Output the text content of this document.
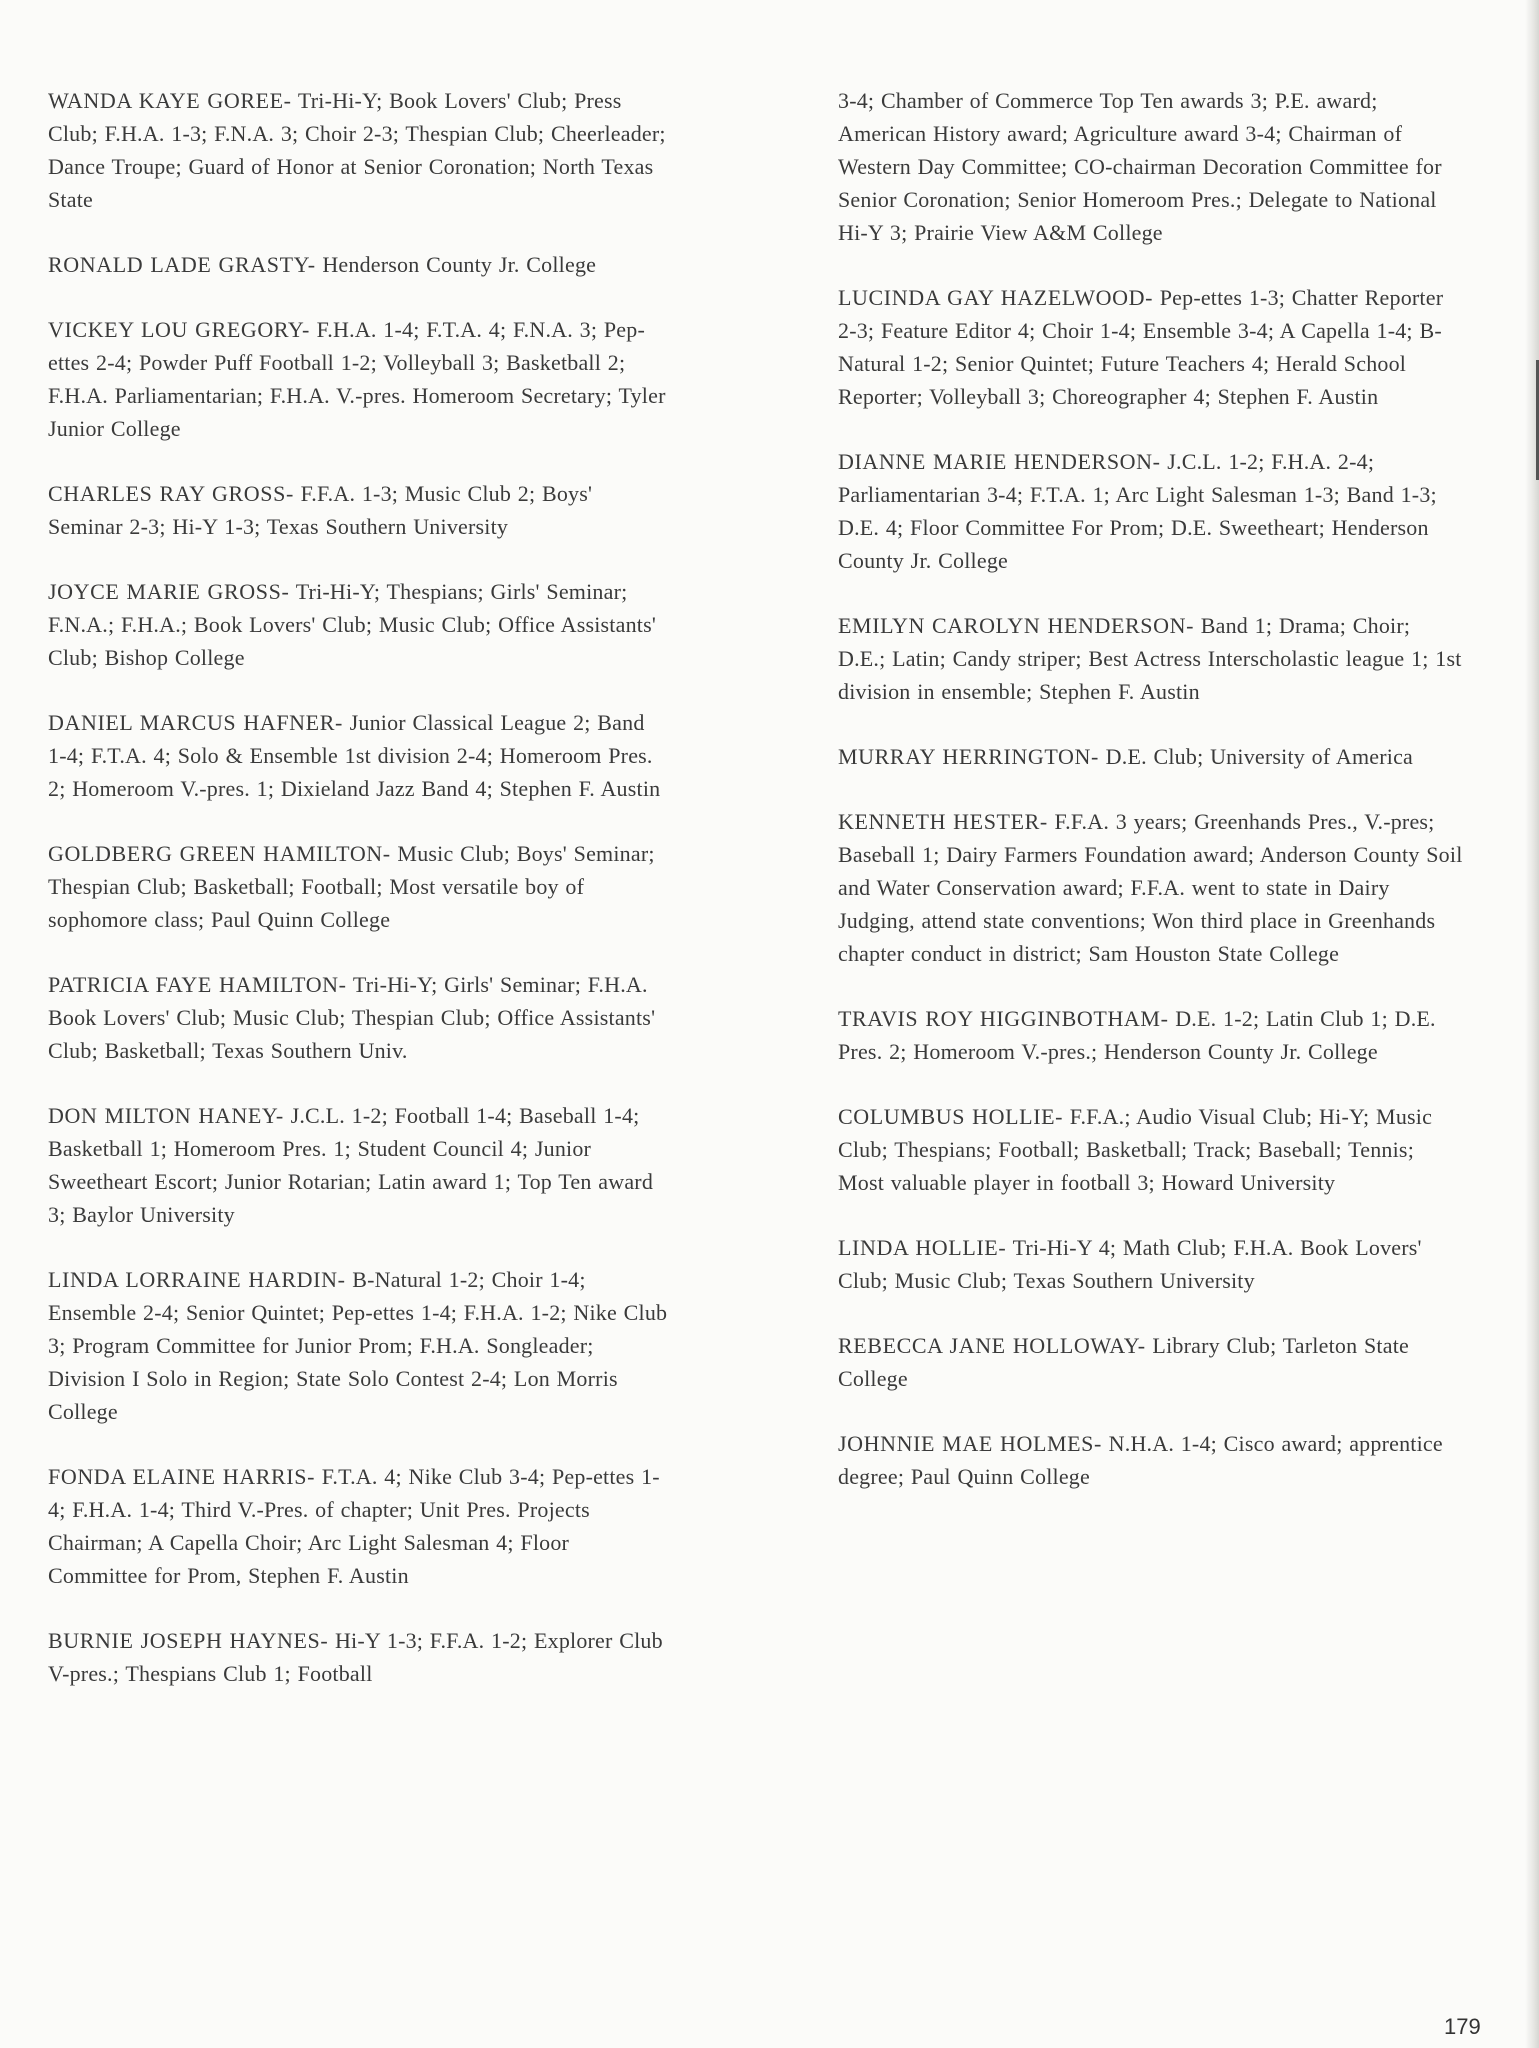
WANDA KAYE GOREE- Tri-Hi-Y; Book Lovers' Club; Press Club; F.H.A. 1-3; F.N.A. 3; Choir 2-3; Thespian Club; Cheerleader; Dance Troupe; Guard of Honor at Senior Coronation; North Texas State

RONALD LADE GRASTY- Henderson County Jr. College

VICKEY LOU GREGORY- F.H.A. 1-4; F.T.A. 4; F.N.A. 3; Pep-ettes 2-4; Powder Puff Football 1-2; Volleyball 3; Basketball 2; F.H.A. Parliamentarian; F.H.A. V.-pres. Homeroom Secretary; Tyler Junior College

CHARLES RAY GROSS- F.F.A. 1-3; Music Club 2; Boys' Seminar 2-3; Hi-Y 1-3; Texas Southern University

JOYCE MARIE GROSS- Tri-Hi-Y; Thespians; Girls' Seminar; F.N.A.; F.H.A.; Book Lovers' Club; Music Club; Office Assistants' Club; Bishop College

DANIEL MARCUS HAFNER- Junior Classical League 2; Band 1-4; F.T.A. 4; Solo & Ensemble 1st division 2-4; Homeroom Pres. 2; Homeroom V.-pres. 1; Dixieland Jazz Band 4; Stephen F. Austin

GOLDBERG GREEN HAMILTON- Music Club; Boys' Seminar; Thespian Club; Basketball; Football; Most versatile boy of sophomore class; Paul Quinn College

PATRICIA FAYE HAMILTON- Tri-Hi-Y; Girls' Seminar; F.H.A. Book Lovers' Club; Music Club; Thespian Club; Office Assistants' Club; Basketball; Texas Southern Univ.

DON MILTON HANEY- J.C.L. 1-2; Football 1-4; Baseball 1-4; Basketball 1; Homeroom Pres. 1; Student Council 4; Junior Sweetheart Escort; Junior Rotarian; Latin award 1; Top Ten award 3; Baylor University

LINDA LORRAINE HARDIN- B-Natural 1-2; Choir 1-4; Ensemble 2-4; Senior Quintet; Pep-ettes 1-4; F.H.A. 1-2; Nike Club 3; Program Committee for Junior Prom; F.H.A. Songleader; Division I Solo in Region; State Solo Contest 2-4; Lon Morris College

FONDA ELAINE HARRIS- F.T.A. 4; Nike Club 3-4; Pep-ettes 1-4; F.H.A. 1-4; Third V.-Pres. of chapter; Unit Pres. Projects Chairman; A Capella Choir; Arc Light Salesman 4; Floor Committee for Prom, Stephen F. Austin

BURNIE JOSEPH HAYNES- Hi-Y 1-3; F.F.A. 1-2; Explorer Club V-pres.; Thespians Club 1; Football

3-4; Chamber of Commerce Top Ten awards 3; P.E. award; American History award; Agriculture award 3-4; Chairman of Western Day Committee; CO-chairman Decoration Committee for Senior Coronation; Senior Homeroom Pres.; Delegate to National Hi-Y 3; Prairie View A&M College

LUCINDA GAY HAZELWOOD- Pep-ettes 1-3; Chatter Reporter 2-3; Feature Editor 4; Choir 1-4; Ensemble 3-4; A Capella 1-4; B-Natural 1-2; Senior Quintet; Future Teachers 4; Herald School Reporter; Volleyball 3; Choreographer 4; Stephen F. Austin

DIANNE MARIE HENDERSON- J.C.L. 1-2; F.H.A. 2-4; Parliamentarian 3-4; F.T.A. 1; Arc Light Salesman 1-3; Band 1-3; D.E. 4; Floor Committee For Prom; D.E. Sweetheart; Henderson County Jr. College

EMILYN CAROLYN HENDERSON- Band 1; Drama; Choir; D.E.; Latin; Candy striper; Best Actress Interscholastic league 1; 1st division in ensemble; Stephen F. Austin

MURRAY HERRINGTON- D.E. Club; University of America

KENNETH HESTER- F.F.A. 3 years; Greenhands Pres., V.-pres; Baseball 1; Dairy Farmers Foundation award; Anderson County Soil and Water Conservation award; F.F.A. went to state in Dairy Judging, attend state conventions; Won third place in Greenhands chapter conduct in district; Sam Houston State College

TRAVIS ROY HIGGINBOTHAM- D.E. 1-2; Latin Club 1; D.E. Pres. 2; Homeroom V.-pres.; Henderson County Jr. College

COLUMBUS HOLLIE- F.F.A.; Audio Visual Club; Hi-Y; Music Club; Thespians; Football; Basketball; Track; Baseball; Tennis; Most valuable player in football 3; Howard University

LINDA HOLLIE- Tri-Hi-Y 4; Math Club; F.H.A. Book Lovers' Club; Music Club; Texas Southern University

REBECCA JANE HOLLOWAY- Library Club; Tarleton State College

JOHNNIE MAE HOLMES- N.H.A. 1-4; Cisco award; apprentice degree; Paul Quinn College

179
